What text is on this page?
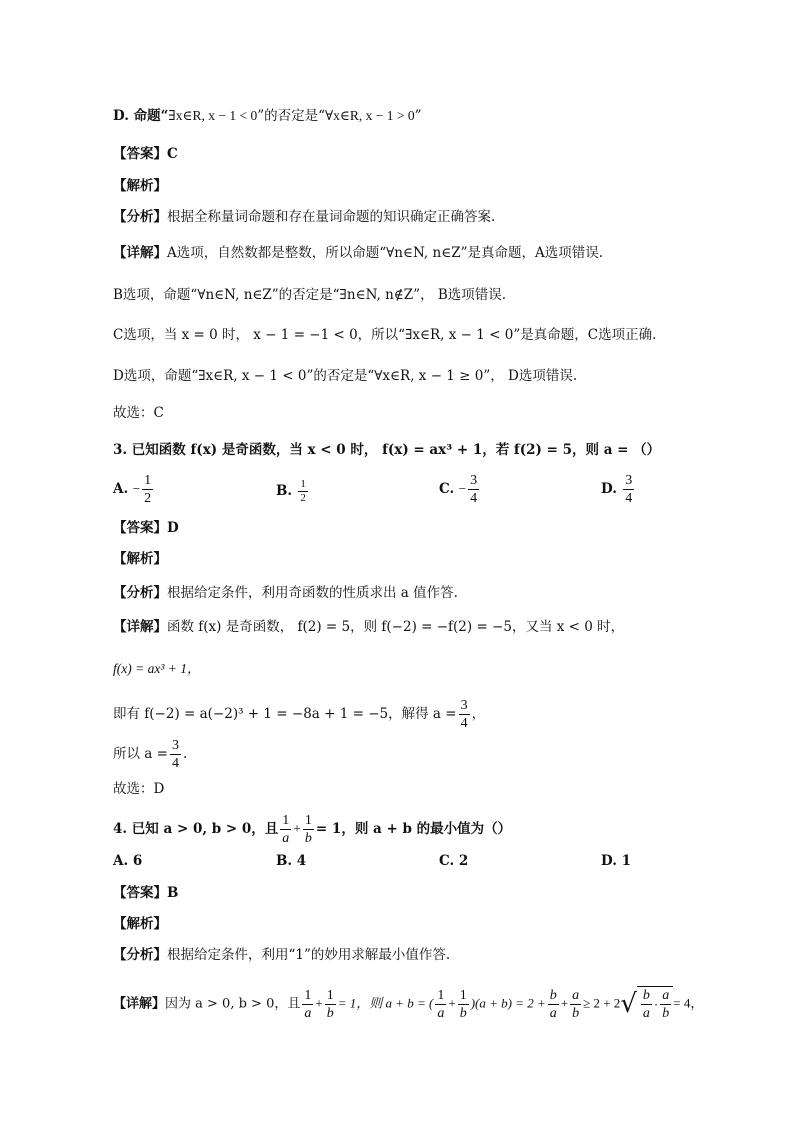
D. 命题“∃x∈R, x − 1 < 0”的否定是“∀x∈R, x − 1 > 0”
【答案】C
【解析】
【分析】根据全称量词命题和存在量词命题的知识确定正确答案.
【详解】A选项，自然数都是整数，所以命题“∀n∈N, n∈Z”是真命题，A选项错误.
B选项，命题“∀n∈N, n∈Z”的否定是“∃n∈N, n∉Z”， B选项错误.
C选项，当 x = 0 时， x − 1 = −1 < 0，所以“∃x∈R, x − 1 < 0”是真命题，C选项正确.
D选项，命题“∃x∈R, x − 1 < 0”的否定是“∀x∈R, x − 1 ≥ 0”， D选项错误.
故选：C
3. 已知函数 f(x) 是奇函数，当 x < 0 时， f(x) = ax³ + 1，若 f(2) = 5，则 a = （）
A. − $\frac{1}{2}$	B. $\frac{1}{2}$	C. − $\frac{3}{4}$	D. $\frac{3}{4}$
【答案】D
【解析】
【分析】根据给定条件，利用奇函数的性质求出 a 值作答.
【详解】函数 f(x) 是奇函数， f(2) = 5，则 f(−2) = −f(2) = −5，又当 x < 0 时，
f(x) = ax³ + 1，
即有 f(−2) = a(−2)³ + 1 = −8a + 1 = −5，解得 $a = \frac{3}{4}$ ，
所以 $a = \frac{3}{4}$ .
故选：D
4. 已知 a > 0, b > 0，且 $\frac{1}{a} + \frac{1}{b} = 1$，则 a + b 的最小值为（）
A. 6	B. 4	C. 2	D. 1
【答案】B
【解析】
【分析】根据给定条件，利用“1”的妙用求解最小值作答.
【详解】因为 a > 0, b > 0，且 $\frac{1}{a} + \frac{1}{b} = 1$，则 a + b = ( $\frac{1}{a} + \frac{1}{b} )(a + b) = 2 + \frac{b}{a} + \frac{a}{b} \ge 2 + 2$ √ $\frac{b}{a} \cdot \frac{a}{b} = 4$，
